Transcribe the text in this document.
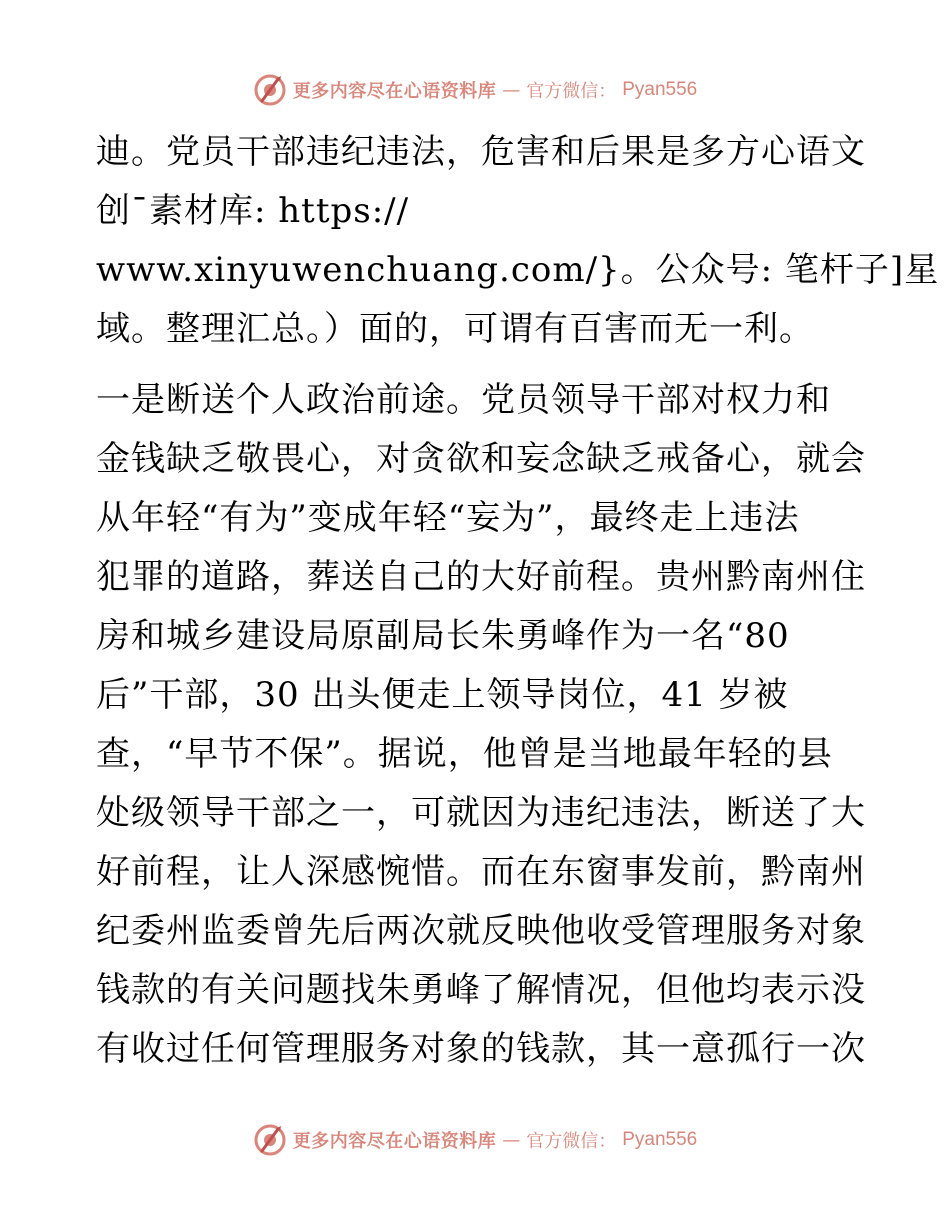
更多内容尽在心语资料库 — 官方微信： Pyan556
迪。党员干部违纪违法，危害和后果是多方心语文
创¯素材库: https://
www.xinyuwenchuang.com/}。公众号: 笔杆子]星
域。整理汇总。）面的，可谓有百害而无一利。
一是断送个人政治前途。党员领导干部对权力和
金钱缺乏敬畏心，对贪欲和妄念缺乏戒备心，就会
从年轻“有为”变成年轻“妄为”，最终走上违法
犯罪的道路，葬送自己的大好前程。贵州黔南州住
房和城乡建设局原副局长朱勇峰作为一名“80
后”干部，30 出头便走上领导岗位，41 岁被
查，“早节不保”。据说，他曾是当地最年轻的县
处级领导干部之一，可就因为违纪违法，断送了大
好前程，让人深感惋惜。而在东窗事发前，黔南州
纪委州监委曾先后两次就反映他收受管理服务对象
钱款的有关问题找朱勇峰了解情况，但他均表示没
有收过任何管理服务对象的钱款，其一意孤行一次
更多内容尽在心语资料库 — 官方微信： Pyan556
